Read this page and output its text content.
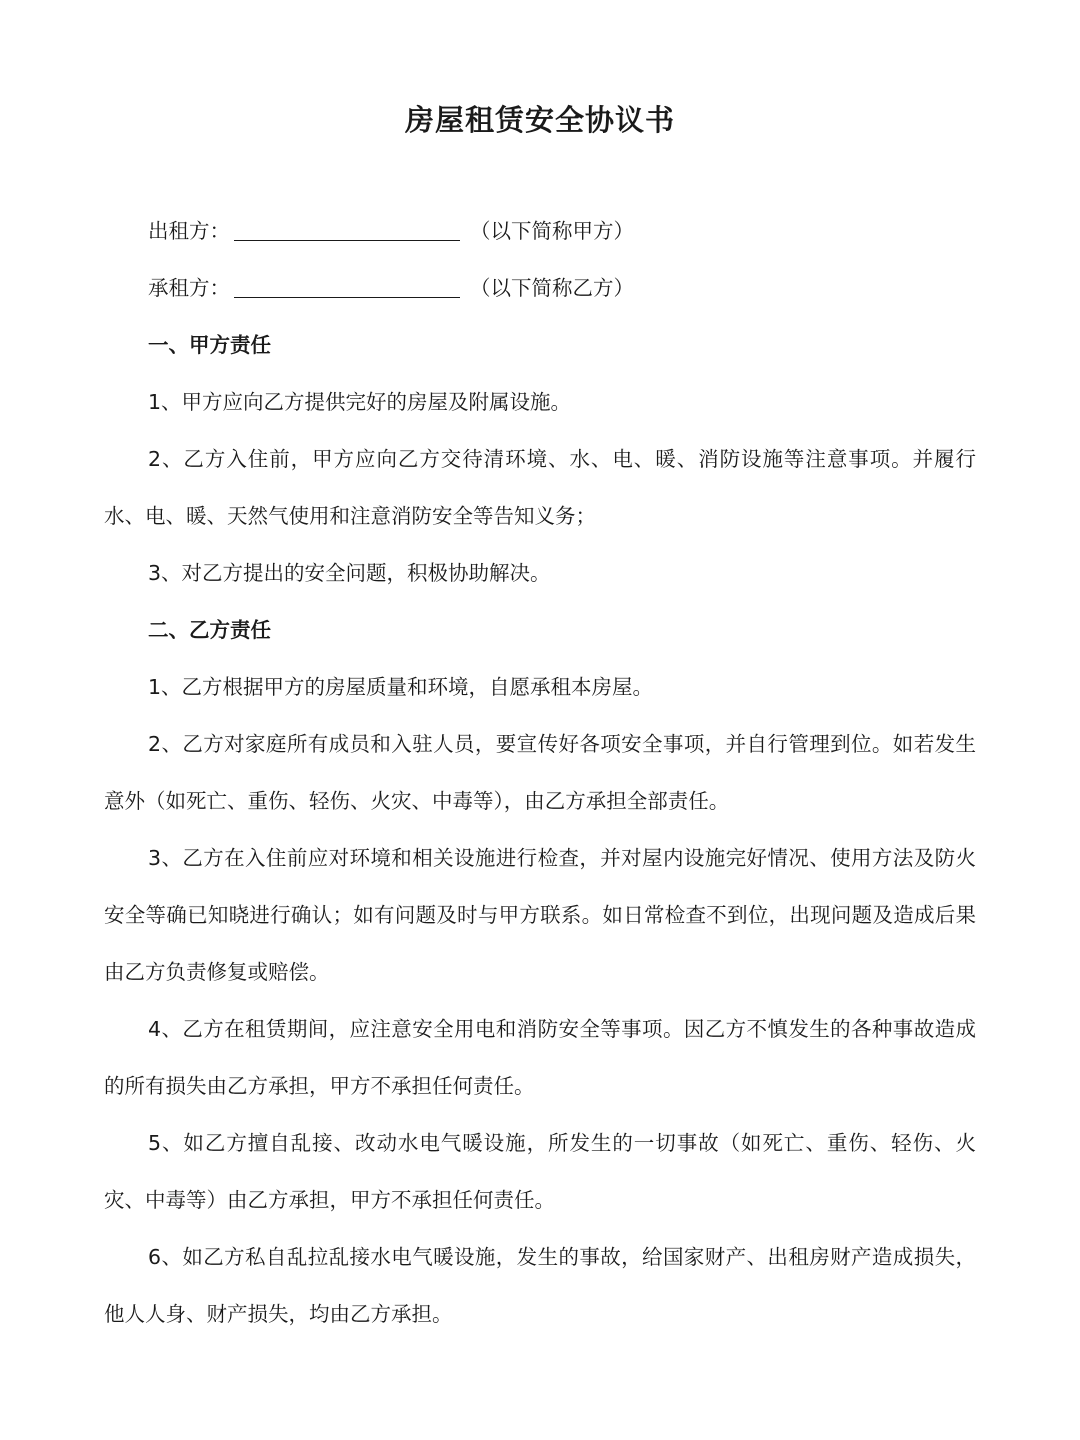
房屋租赁安全协议书

出租方：	（以下简称甲方）

承租方：	（以下简称乙方）

一、甲方责任

1、甲方应向乙方提供完好的房屋及附属设施。

2、乙方入住前，甲方应向乙方交待清环境、水、电、暖、消防设施等注意事项。并履行水、电、暖、天然气使用和注意消防安全等告知义务；

3、对乙方提出的安全问题，积极协助解决。

二、乙方责任

1、乙方根据甲方的房屋质量和环境，自愿承租本房屋。

2、乙方对家庭所有成员和入驻人员，要宣传好各项安全事项，并自行管理到位。如若发生意外（如死亡、重伤、轻伤、火灾、中毒等），由乙方承担全部责任。

3、乙方在入住前应对环境和相关设施进行检查，并对屋内设施完好情况、使用方法及防火安全等确已知晓进行确认；如有问题及时与甲方联系。如日常检查不到位，出现问题及造成后果由乙方负责修复或赔偿。

4、乙方在租赁期间，应注意安全用电和消防安全等事项。因乙方不慎发生的各种事故造成的所有损失由乙方承担，甲方不承担任何责任。

5、如乙方擅自乱接、改动水电气暖设施，所发生的一切事故（如死亡、重伤、轻伤、火灾、中毒等）由乙方承担，甲方不承担任何责任。

6、如乙方私自乱拉乱接水电气暖设施，发生的事故，给国家财产、出租房财产造成损失，他人人身、财产损失，均由乙方承担。
